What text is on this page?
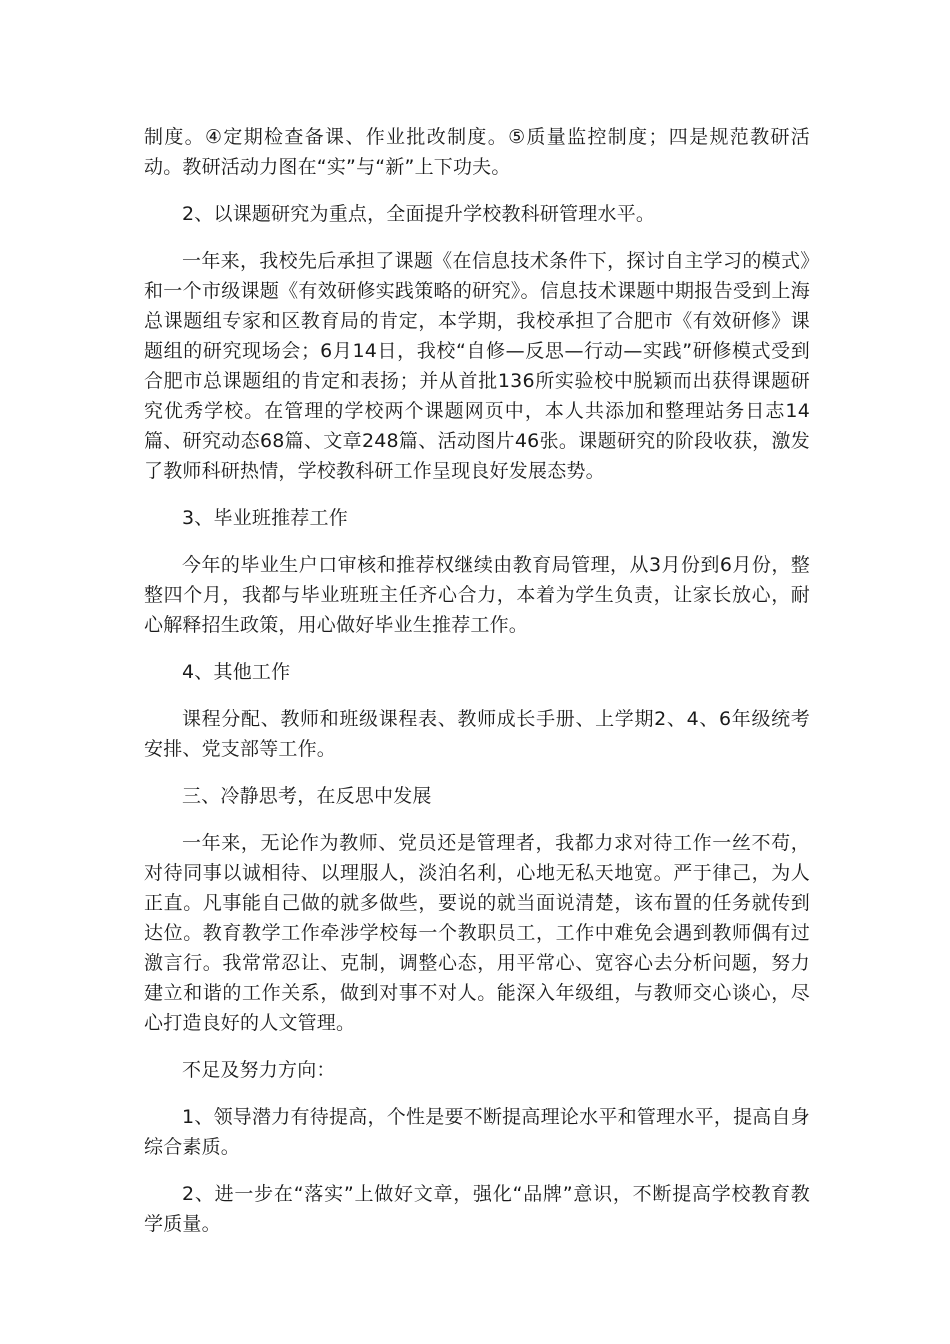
制度。④定期检查备课、作业批改制度。⑤质量监控制度；四是规范教研活动。教研活动力图在“实”与“新”上下功夫。

2、以课题研究为重点，全面提升学校教科研管理水平。

一年来，我校先后承担了课题《在信息技术条件下，探讨自主学习的模式》和一个市级课题《有效研修实践策略的研究》。信息技术课题中期报告受到上海总课题组专家和区教育局的肯定，本学期，我校承担了合肥市《有效研修》课题组的研究现场会；6月14日，我校“自修—反思—行动—实践”研修模式受到合肥市总课题组的肯定和表扬；并从首批136所实验校中脱颖而出获得课题研究优秀学校。在管理的学校两个课题网页中，本人共添加和整理站务日志14篇、研究动态68篇、文章248篇、活动图片46张。课题研究的阶段收获，激发了教师科研热情，学校教科研工作呈现良好发展态势。

3、毕业班推荐工作

今年的毕业生户口审核和推荐权继续由教育局管理，从3月份到6月份，整整四个月，我都与毕业班班主任齐心合力，本着为学生负责，让家长放心，耐心解释招生政策，用心做好毕业生推荐工作。

4、其他工作

课程分配、教师和班级课程表、教师成长手册、上学期2、4、6年级统考安排、党支部等工作。

三、冷静思考，在反思中发展

一年来，无论作为教师、党员还是管理者，我都力求对待工作一丝不苟，对待同事以诚相待、以理服人，淡泊名利，心地无私天地宽。严于律己，为人正直。凡事能自己做的就多做些，要说的就当面说清楚，该布置的任务就传到达位。教育教学工作牵涉学校每一个教职员工，工作中难免会遇到教师偶有过激言行。我常常忍让、克制，调整心态，用平常心、宽容心去分析问题，努力建立和谐的工作关系，做到对事不对人。能深入年级组，与教师交心谈心，尽心打造良好的人文管理。

不足及努力方向：

1、领导潜力有待提高，个性是要不断提高理论水平和管理水平，提高自身综合素质。

2、进一步在“落实”上做好文章，强化“品牌”意识，不断提高学校教育教学质量。
